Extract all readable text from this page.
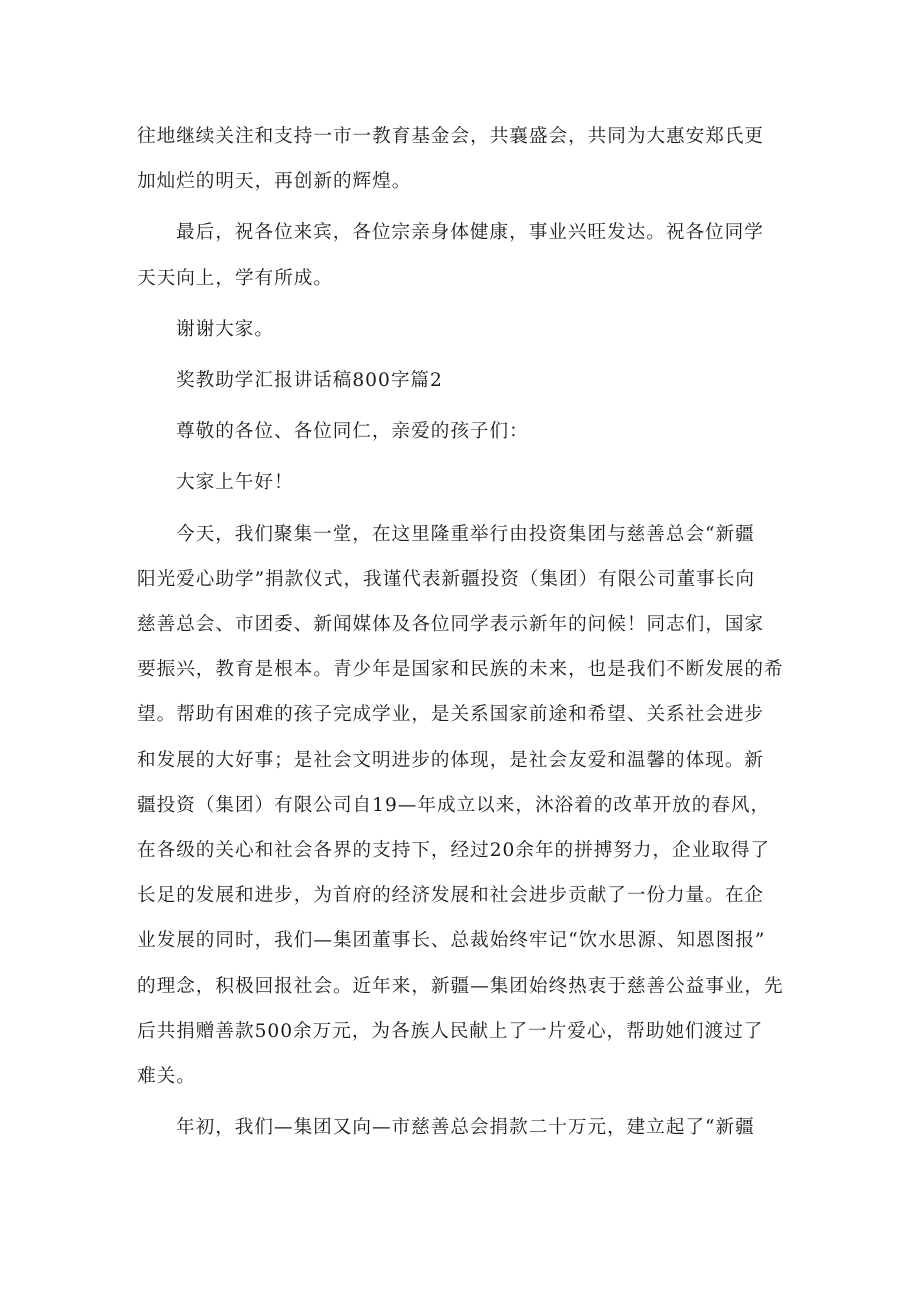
往地继续关注和支持一市一教育基金会，共襄盛会，共同为大惠安郑氏更
加灿烂的明天，再创新的辉煌。

最后，祝各位来宾，各位宗亲身体健康，事业兴旺发达。祝各位同学
天天向上，学有所成。

谢谢大家。

奖教助学汇报讲话稿800字篇2

尊敬的各位、各位同仁，亲爱的孩子们：

大家上午好！

今天，我们聚集一堂，在这里隆重举行由投资集团与慈善总会“新疆
阳光爱心助学”捐款仪式，我谨代表新疆投资（集团）有限公司董事长向
慈善总会、市团委、新闻媒体及各位同学表示新年的问候！同志们，国家
要振兴，教育是根本。青少年是国家和民族的未来，也是我们不断发展的希
望。帮助有困难的孩子完成学业，是关系国家前途和希望、关系社会进步
和发展的大好事；是社会文明进步的体现，是社会友爱和温馨的体现。新
疆投资（集团）有限公司自19—年成立以来，沐浴着的改革开放的春风，
在各级的关心和社会各界的支持下，经过20余年的拼搏努力，企业取得了
长足的发展和进步，为首府的经济发展和社会进步贡献了一份力量。在企
业发展的同时，我们—集团董事长、总裁始终牢记“饮水思源、知恩图报”
的理念，积极回报社会。近年来，新疆—集团始终热衷于慈善公益事业，先
后共捐赠善款500余万元，为各族人民献上了一片爱心，帮助她们渡过了
难关。

年初，我们—集团又向—市慈善总会捐款二十万元，建立起了“新疆
